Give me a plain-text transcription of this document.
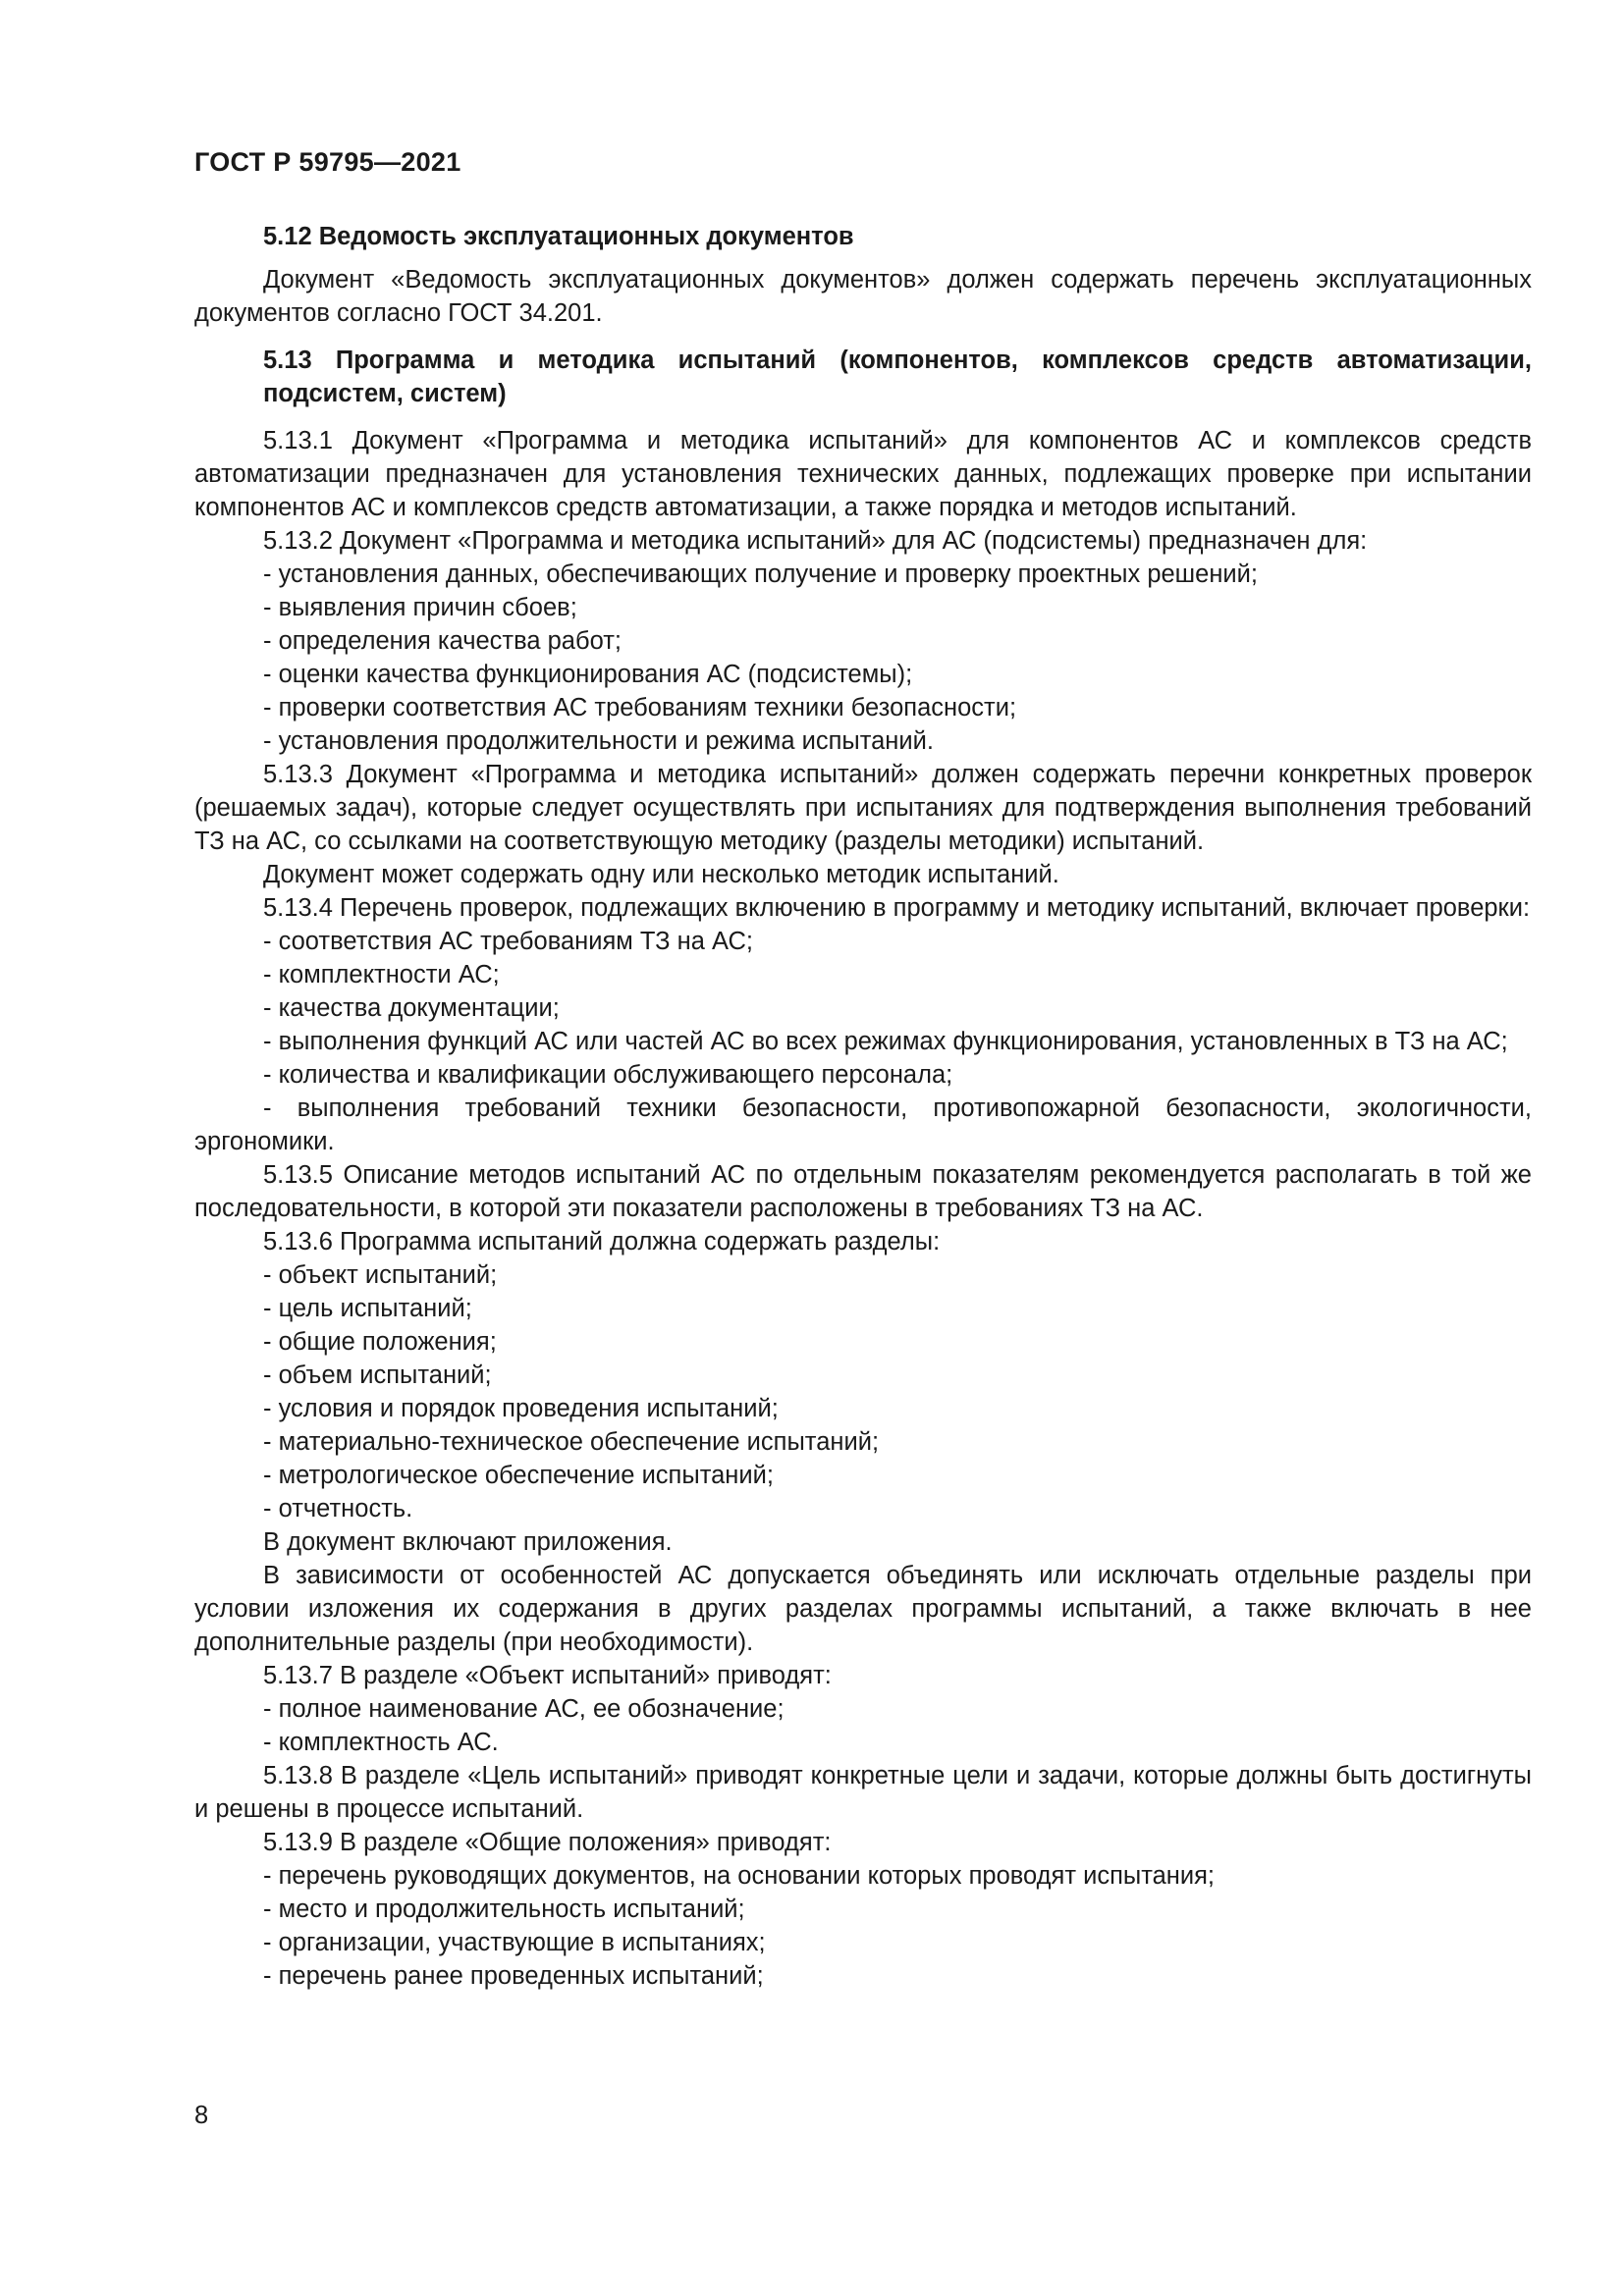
ГОСТ Р 59795—2021

5.12 Ведомость эксплуатационных документов

Документ «Ведомость эксплуатационных документов» должен содержать перечень эксплуатационных документов согласно ГОСТ 34.201.

5.13 Программа и методика испытаний (компонентов, комплексов средств автоматизации, подсистем, систем)

5.13.1 Документ «Программа и методика испытаний» для компонентов АС и комплексов средств автоматизации предназначен для установления технических данных, подлежащих проверке при испытании компонентов АС и комплексов средств автоматизации, а также порядка и методов испытаний.

5.13.2 Документ «Программа и методика испытаний» для АС (подсистемы) предназначен для:

- установления данных, обеспечивающих получение и проверку проектных решений;

- выявления причин сбоев;

- определения качества работ;

- оценки качества функционирования АС (подсистемы);

- проверки соответствия АС требованиям техники безопасности;

- установления продолжительности и режима испытаний.

5.13.3 Документ «Программа и методика испытаний» должен содержать перечни конкретных проверок (решаемых задач), которые следует осуществлять при испытаниях для подтверждения выполнения требований ТЗ на АС, со ссылками на соответствующую методику (разделы методики) испытаний.

Документ может содержать одну или несколько методик испытаний.

5.13.4 Перечень проверок, подлежащих включению в программу и методику испытаний, включает проверки:

- соответствия АС требованиям ТЗ на АС;

- комплектности АС;

- качества документации;

- выполнения функций АС или частей АС во всех режимах функционирования, установленных в ТЗ на АС;

- количества и квалификации обслуживающего персонала;

- выполнения требований техники безопасности, противопожарной безопасности, экологичности, эргономики.

5.13.5 Описание методов испытаний АС по отдельным показателям рекомендуется располагать в той же последовательности, в которой эти показатели расположены в требованиях ТЗ на АС.

5.13.6 Программа испытаний должна содержать разделы:

- объект испытаний;

- цель испытаний;

- общие положения;

- объем испытаний;

- условия и порядок проведения испытаний;

- материально-техническое обеспечение испытаний;

- метрологическое обеспечение испытаний;

- отчетность.

В документ включают приложения.

В зависимости от особенностей АС допускается объединять или исключать отдельные разделы при условии изложения их содержания в других разделах программы испытаний, а также включать в нее дополнительные разделы (при необходимости).

5.13.7 В разделе «Объект испытаний» приводят:

- полное наименование АС, ее обозначение;

- комплектность АС.

5.13.8 В разделе «Цель испытаний» приводят конкретные цели и задачи, которые должны быть достигнуты и решены в процессе испытаний.

5.13.9 В разделе «Общие положения» приводят:

- перечень руководящих документов, на основании которых проводят испытания;

- место и продолжительность испытаний;

- организации, участвующие в испытаниях;

- перечень ранее проведенных испытаний;

8
